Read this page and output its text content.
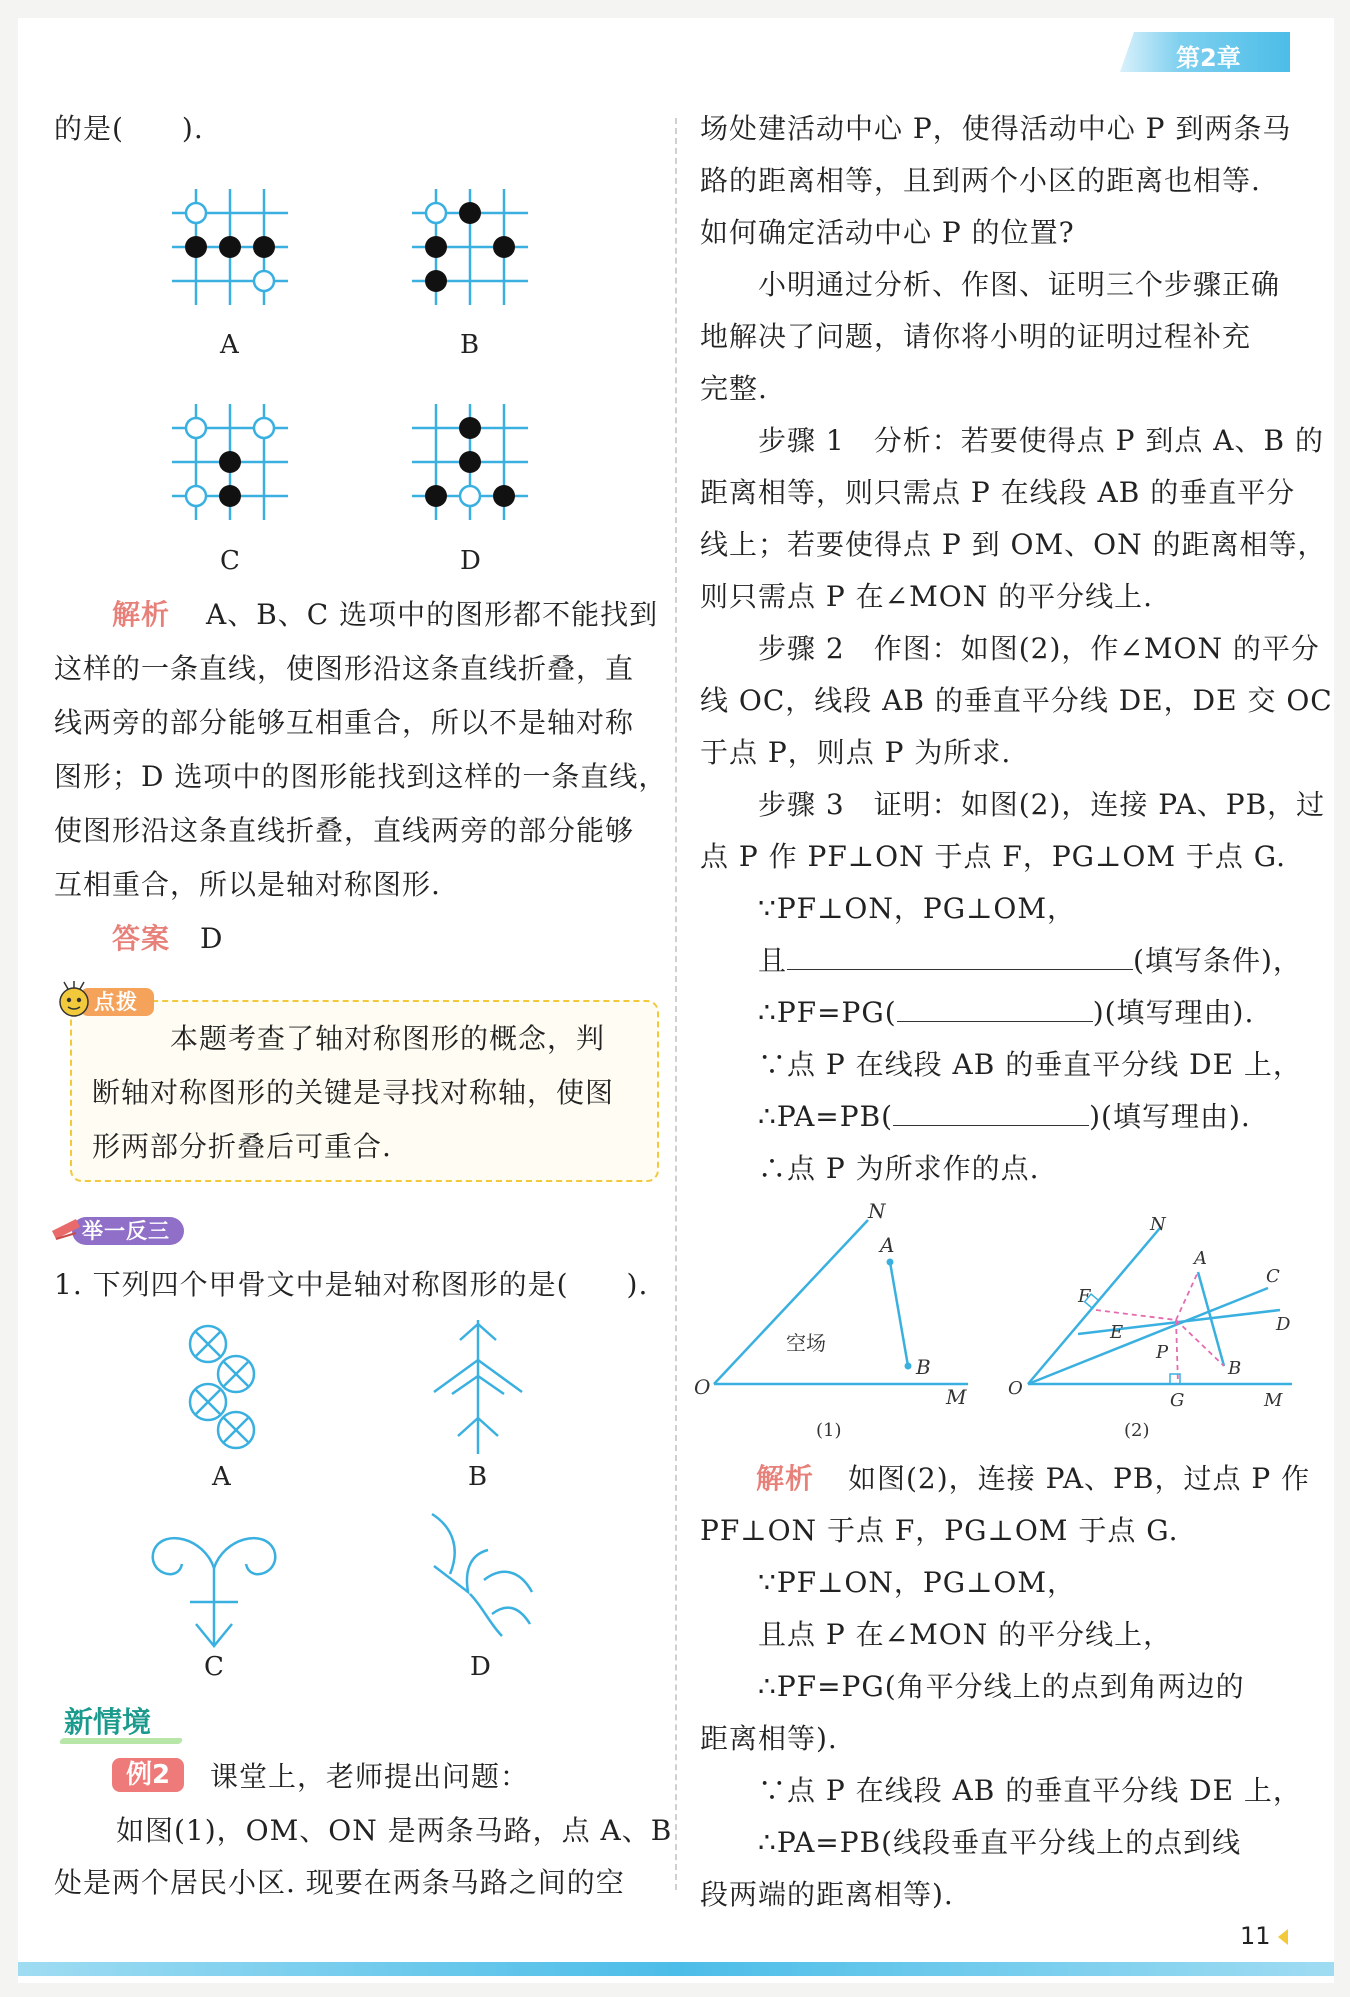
第2章
的是(　　).
A	B
C	D
解析 A、B、C 选项中的图形都不能找到
这样的一条直线，使图形沿这条直线折叠，直
线两旁的部分能够互相重合，所以不是轴对称
图形；D 选项中的图形能找到这样的一条直线，
使图形沿这条直线折叠，直线两旁的部分能够
互相重合，所以是轴对称图形.
答案 D
点拨
本题考查了轴对称图形的概念，判
断轴对称图形的关键是寻找对称轴，使图
形两部分折叠后可重合.
举一反三
1. 下列四个甲骨文中是轴对称图形的是(　　).
A	B
C	D
新情境
例2	课堂上，老师提出问题：
如图(1)，OM、ON 是两条马路，点 A、B
处是两个居民小区. 现要在两条马路之间的空
场处建活动中心 P，使得活动中心 P 到两条马
路的距离相等，且到两个小区的距离也相等.
如何确定活动中心 P 的位置?
小明通过分析、作图、证明三个步骤正确
地解决了问题，请你将小明的证明过程补充
完整.
步骤 1　分析：若要使得点 P 到点 A、B 的
距离相等，则只需点 P 在线段 AB 的垂直平分
线上；若要使得点 P 到 OM、ON 的距离相等，
则只需点 P 在∠MON 的平分线上.
步骤 2　作图：如图(2)，作∠MON 的平分
线 OC，线段 AB 的垂直平分线 DE，DE 交 OC
于点 P，则点 P 为所求.
步骤 3　证明：如图(2)，连接 PA、PB，过
点 P 作 PF⊥ON 于点 F，PG⊥OM 于点 G.
∵PF⊥ON，PG⊥OM，
且	(填写条件)，
∴PF=PG(	)(填写理由).
∵点 P 在线段 AB 的垂直平分线 DE 上，
∴PA=PB(	)(填写理由).
∴点 P 为所求作的点.
N
A
B
O	M
空场
(1)
N
A
C
F
D
E
P
B
O
G	M
(2)
解析 如图(2)，连接 PA、PB，过点 P 作
PF⊥ON 于点 F，PG⊥OM 于点 G.
∵PF⊥ON，PG⊥OM，
且点 P 在∠MON 的平分线上，
∴PF=PG(角平分线上的点到角两边的
距离相等).
∵点 P 在线段 AB 的垂直平分线 DE 上，
∴PA=PB(线段垂直平分线上的点到线
段两端的距离相等).
11
